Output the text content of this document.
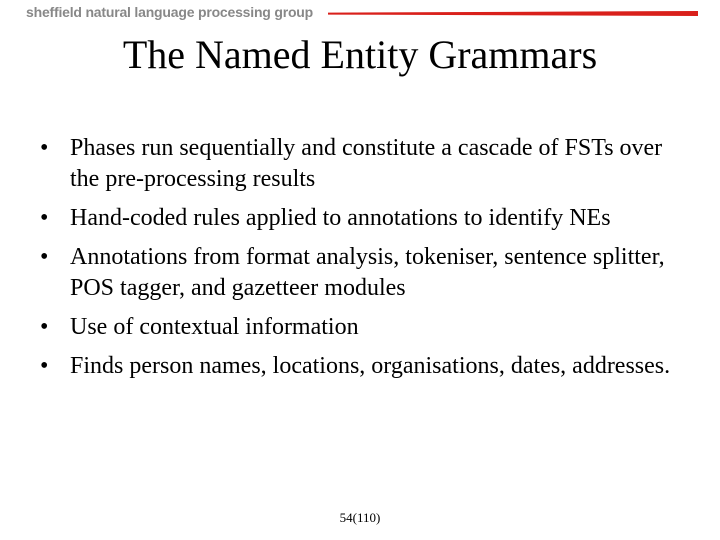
sheffield natural language processing group
The Named Entity Grammars
• Phases run sequentially and constitute a cascade of FSTs over the pre-processing results
• Hand-coded rules applied to annotations to identify NEs
• Annotations from format analysis, tokeniser, sentence splitter, POS tagger, and gazetteer modules
• Use of contextual information
• Finds person names, locations, organisations, dates, addresses.
54(110)
